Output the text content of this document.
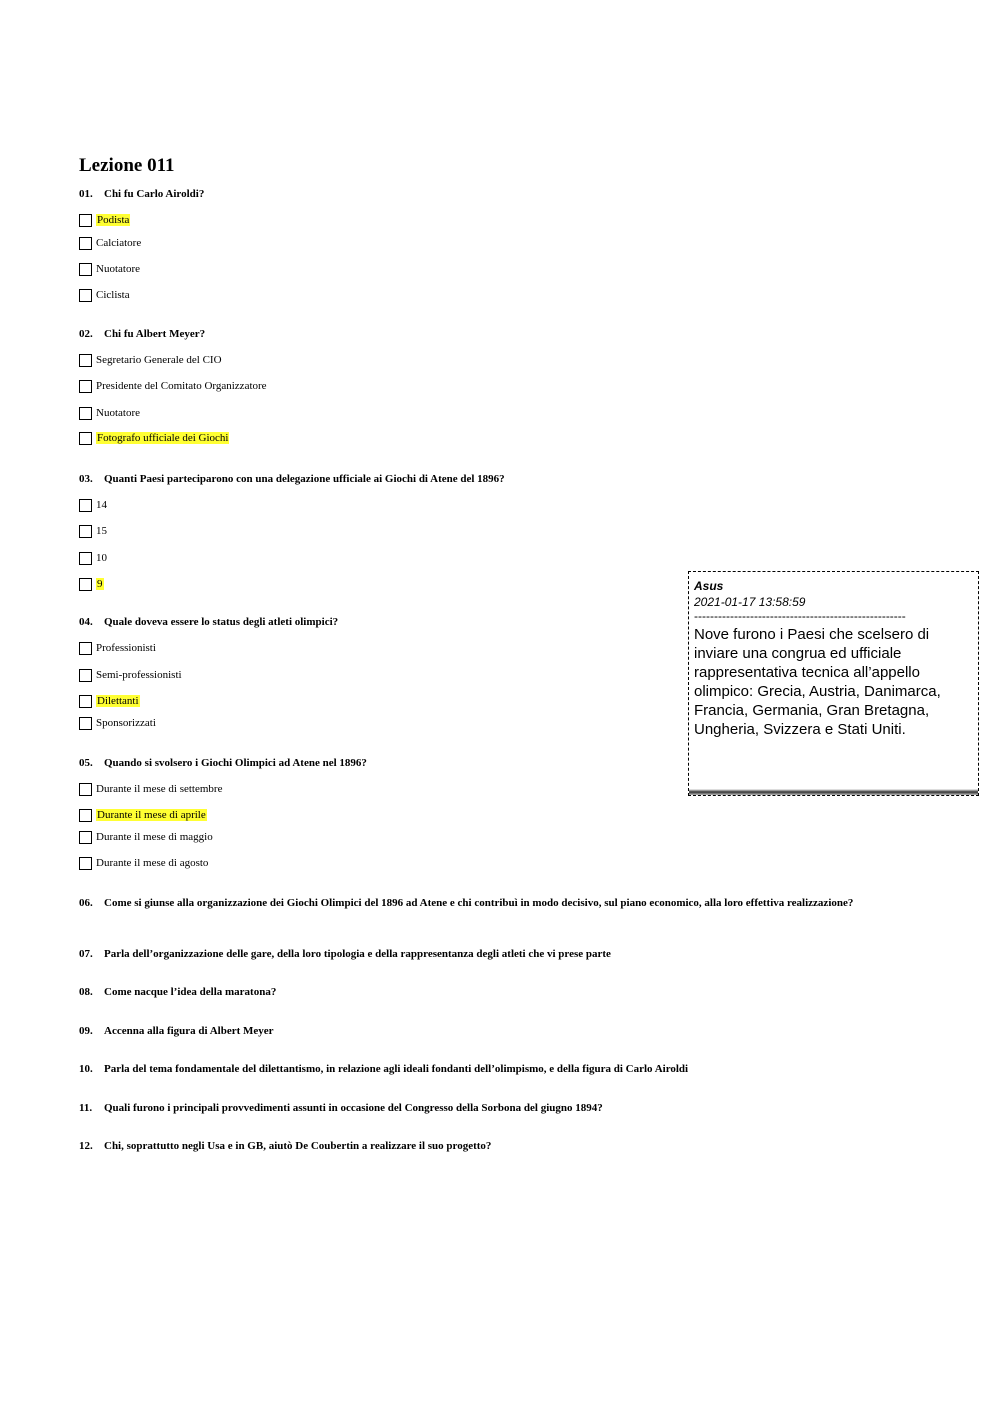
Lezione 011
01. Chi fu Carlo Airoldi?
Podista
Calciatore
Nuotatore
Ciclista
02. Chi fu Albert Meyer?
Segretario Generale del CIO
Presidente del Comitato Organizzatore
Nuotatore
Fotografo ufficiale dei Giochi
03. Quanti Paesi parteciparono con una delegazione ufficiale ai Giochi di Atene del 1896?
14
15
10
9
04. Quale doveva essere lo status degli atleti olimpici?
Professionisti
Semi-professionisti
Dilettanti
Sponsorizzati
05. Quando si svolsero i Giochi Olimpici ad Atene nel 1896?
Durante il mese di settembre
Durante il mese di aprile
Durante il mese di maggio
Durante il mese di agosto
06. Come si giunse alla organizzazione dei Giochi Olimpici del 1896 ad Atene e chi contribuì in modo decisivo, sul piano economico, alla loro effettiva realizzazione?
07. Parla dell’organizzazione delle gare, della loro tipologia e della rappresentanza degli atleti che vi prese parte
08. Come nacque l’idea della maratona?
09. Accenna alla figura di Albert Meyer
10. Parla del tema fondamentale del dilettantismo, in relazione agli ideali fondanti dell’olimpismo, e della figura di Carlo Airoldi
11. Quali furono i principali provvedimenti assunti in occasione del Congresso della Sorbona del giugno 1894?
12. Chi, soprattutto negli Usa e in GB, aiutò De Coubertin a realizzare il suo progetto?
Asus
2021-01-17 13:58:59
-----------------------------------------------------
Nove furono i Paesi che scelsero di inviare una congrua ed ufficiale rappresentativa tecnica all’appello olimpico: Grecia, Austria, Danimarca, Francia, Germania, Gran Bretagna, Ungheria, Svizzera e Stati Uniti.
